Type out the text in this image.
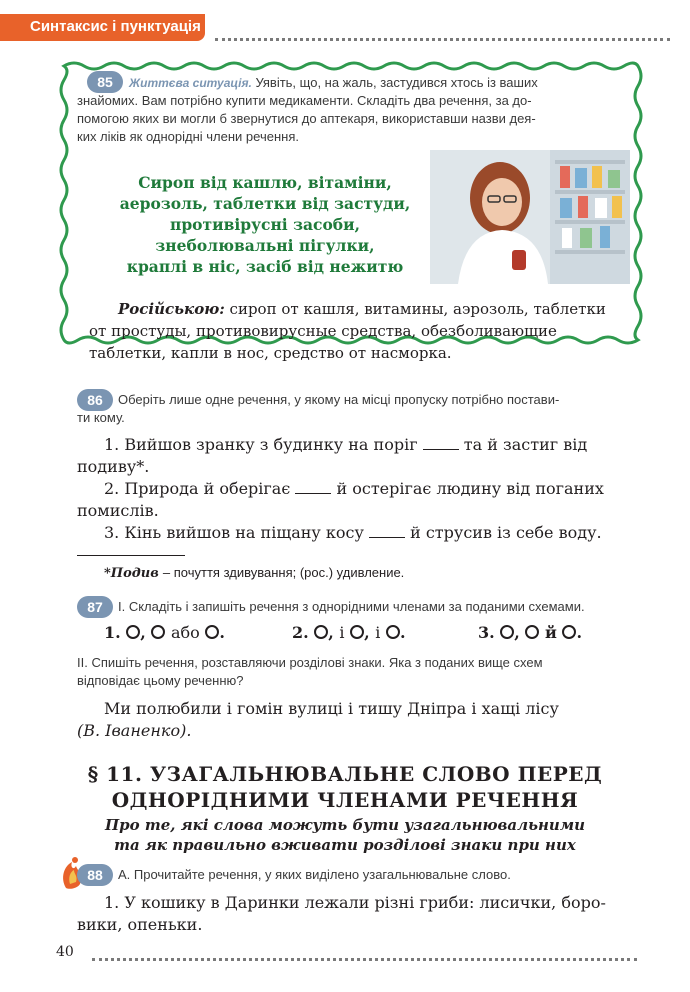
Синтаксис і пунктуація
85	Життєва ситуація. Уявіть, що, на жаль, застудився хтось із ваших
знайомих. Вам потрібно купити медикаменти. Складіть два речення, за до-
помогою яких ви могли б звернутися до аптекаря, використавши назви дея-
ких ліків як однорідні члени речення.
Сироп від кашлю, вітаміни,
аерозоль, таблетки від застуди,
противірусні засоби,
знеболювальні пігулки,
краплі в ніс, засіб від нежитю
Російською: сироп от кашля, витамины, аэрозоль, таблетки
от простуды, противовирусные средства, обезболивающие
таблетки, капли в нос, средство от насморка.
86	Оберіть лише одне речення, у якому на місці пропуску потрібно постави-
ти кому.
1. Вийшов зранку з будинку на поріг	та й застиг від
подиву*.
2. Природа й оберігає	й остерігає людину від поганих
помислів.
3. Кінь вийшов на піщану косу	й струсив із себе воду.
*Подив – почуття здивування; (рос.) удивление.
87	І. Складіть і запишіть речення з однорідними членами за поданими схемами.
1. ,  або .	2. , і , і .	3. ,  й .
ІІ. Спишіть речення, розставляючи розділові знаки. Яка з поданих вище схем
відповідає цьому реченню?
Ми полюбили і гомін вулиці і тишу Дніпра і хащі лісу
(В. Іваненко).
§ 11. УЗАГАЛЬНЮВАЛЬНЕ СЛОВО ПЕРЕД
ОДНОРІДНИМИ ЧЛЕНАМИ РЕЧЕННЯ
Про те, які слова можуть бути узагальнювальними
та як правильно вживати розділові знаки при них
88	А. Прочитайте речення, у яких виділено узагальнювальне слово.
1. У кошику в Даринки лежали різні гриби: лисички, боро-
вики, опеньки.
40
